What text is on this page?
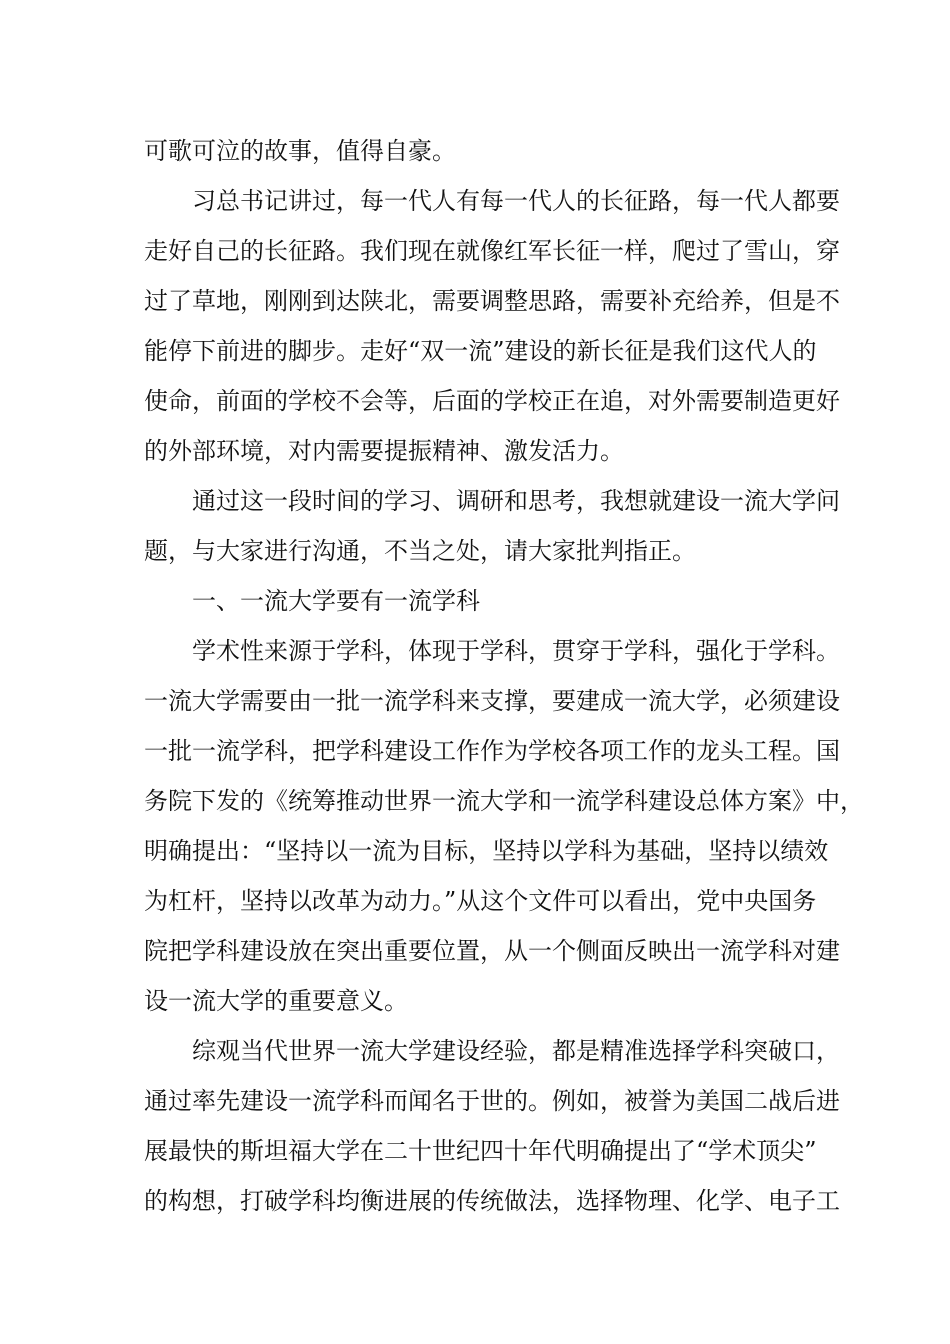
可歌可泣的故事，值得自豪。
习总书记讲过，每一代人有每一代人的长征路，每一代人都要
走好自己的长征路。我们现在就像红军长征一样，爬过了雪山，穿
过了草地，刚刚到达陕北，需要调整思路，需要补充给养，但是不
能停下前进的脚步。走好“双一流”建设的新长征是我们这代人的
使命，前面的学校不会等，后面的学校正在追，对外需要制造更好
的外部环境，对内需要提振精神、激发活力。
通过这一段时间的学习、调研和思考，我想就建设一流大学问
题，与大家进行沟通，不当之处，请大家批判指正。
一、一流大学要有一流学科
学术性来源于学科，体现于学科，贯穿于学科，强化于学科。
一流大学需要由一批一流学科来支撑，要建成一流大学，必须建设
一批一流学科，把学科建设工作作为学校各项工作的龙头工程。国
务院下发的《统筹推动世界一流大学和一流学科建设总体方案》中，
明确提出：“坚持以一流为目标，坚持以学科为基础，坚持以绩效
为杠杆，坚持以改革为动力。”从这个文件可以看出，党中央国务
院把学科建设放在突出重要位置，从一个侧面反映出一流学科对建
设一流大学的重要意义。
综观当代世界一流大学建设经验，都是精准选择学科突破口，
通过率先建设一流学科而闻名于世的。例如，被誉为美国二战后进
展最快的斯坦福大学在二十世纪四十年代明确提出了“学术顶尖”
的构想，打破学科均衡进展的传统做法，选择物理、化学、电子工
